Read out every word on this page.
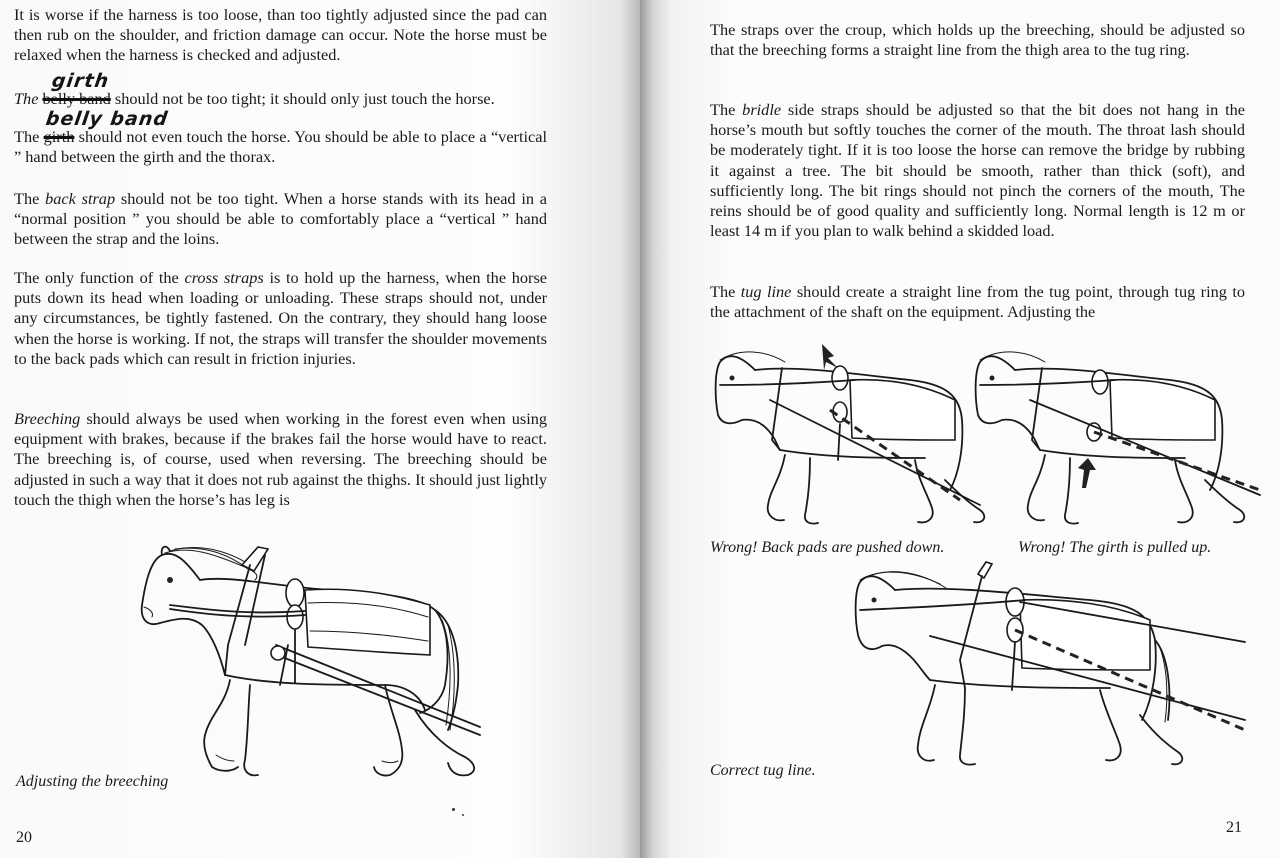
It is worse if the harness is too loose, than too tightly adjusted since the pad can then rub on the shoulder, and friction damage can occur. Note the horse must be relaxed when the harness is checked and adjusted.

girth

The belly band should not be too tight; it should only just touch the horse.

belly band

The girth should not even touch the horse. You should be able to place a “vertical ” hand between the girth and the thorax.

The back strap should not be too tight. When a horse stands with its head in a “normal position ” you should be able to comfortably place a “vertical ” hand between the strap and the loins.

The only function of the cross straps is to hold up the harness, when the horse puts down its head when loading or unloading. These straps should not, under any circumstances, be tightly fastened. On the contrary, they should hang loose when the horse is working. If not, the straps will transfer the shoulder movements to the back pads which can result in friction injuries.

Breeching should always be used when working in the forest even when using equipment with brakes, because if the brakes fail the horse would have to react. The breeching is, of course, used when reversing. The breeching should be adjusted in such a way that it does not rub against the thighs. It should just lightly touch the thigh when the horse’s has leg is

Adjusting the breeching

20

The straps over the croup, which holds up the breeching, should be adjusted so that the breeching forms a straight line from the thigh area to the tug ring.

The bridle side straps should be adjusted so that the bit does not hang in the horse’s mouth but softly touches the corner of the mouth. The throat lash should be moderately tight. If it is too loose the horse can remove the bridge by rubbing it against a tree. The bit should be smooth, rather than thick (soft), and sufficiently long. The bit rings should not pinch the corners of the mouth, The reins should be of good quality and sufficiently long. Normal length is 12 m or least 14 m if you plan to walk behind a skidded load.

The tug line should create a straight line from the tug point, through tug ring to the attachment of the shaft on the equipment. Adjusting the

Wrong! Back pads are pushed down.	Wrong! The girth is pulled up.

Correct tug line.

21
